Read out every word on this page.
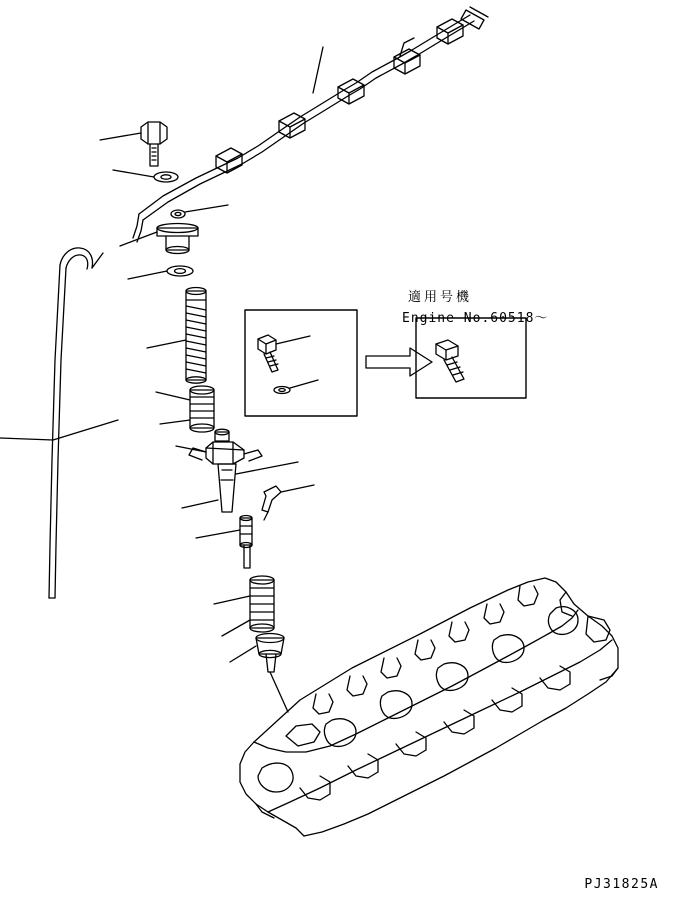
適用号機
Engine No.60518～
PJ31825A
